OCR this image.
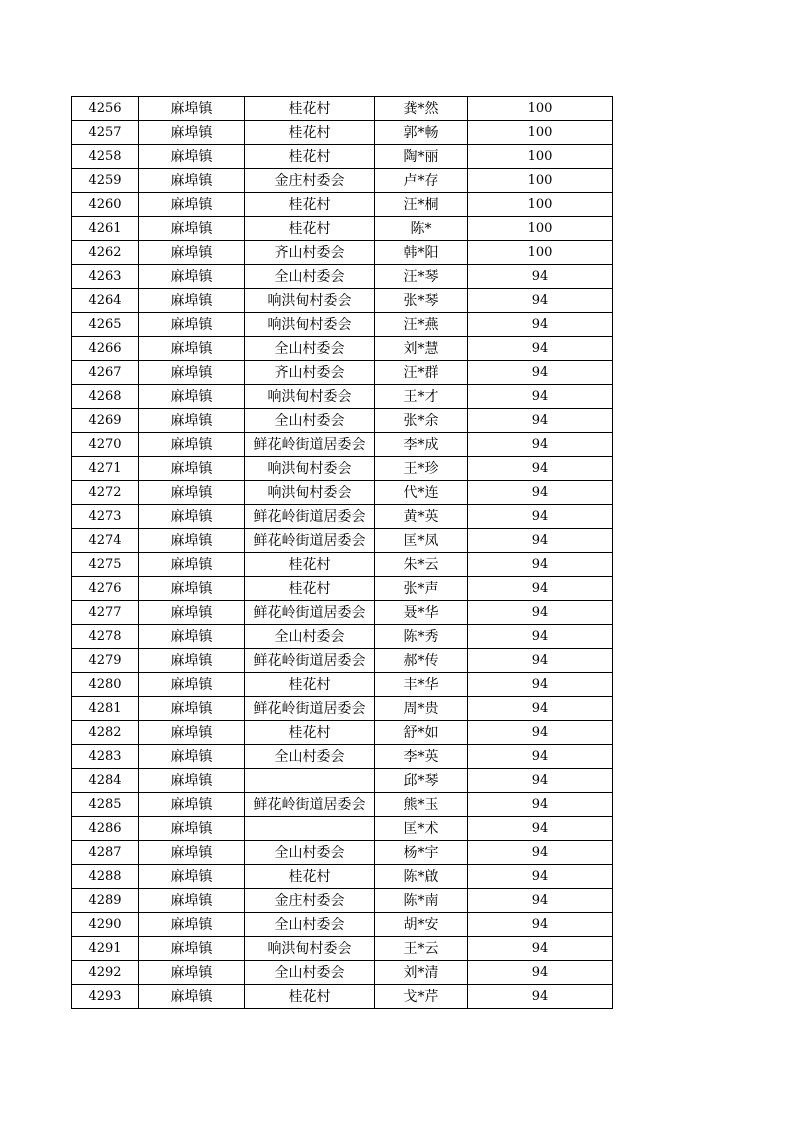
4256	麻埠镇	桂花村	龚*然	100
4257	麻埠镇	桂花村	郭*畅	100
4258	麻埠镇	桂花村	陶*丽	100
4259	麻埠镇	金庄村委会	卢*存	100
4260	麻埠镇	桂花村	汪*桐	100
4261	麻埠镇	桂花村	陈*	100
4262	麻埠镇	齐山村委会	韩*阳	100
4263	麻埠镇	全山村委会	汪*琴	94
4264	麻埠镇	响洪甸村委会	张*琴	94
4265	麻埠镇	响洪甸村委会	汪*燕	94
4266	麻埠镇	全山村委会	刘*慧	94
4267	麻埠镇	齐山村委会	汪*群	94
4268	麻埠镇	响洪甸村委会	王*才	94
4269	麻埠镇	全山村委会	张*余	94
4270	麻埠镇	鲜花岭街道居委会	李*成	94
4271	麻埠镇	响洪甸村委会	王*珍	94
4272	麻埠镇	响洪甸村委会	代*连	94
4273	麻埠镇	鲜花岭街道居委会	黄*英	94
4274	麻埠镇	鲜花岭街道居委会	匡*凤	94
4275	麻埠镇	桂花村	朱*云	94
4276	麻埠镇	桂花村	张*声	94
4277	麻埠镇	鲜花岭街道居委会	聂*华	94
4278	麻埠镇	全山村委会	陈*秀	94
4279	麻埠镇	鲜花岭街道居委会	郝*传	94
4280	麻埠镇	桂花村	丰*华	94
4281	麻埠镇	鲜花岭街道居委会	周*贵	94
4282	麻埠镇	桂花村	舒*如	94
4283	麻埠镇	全山村委会	李*英	94
4284	麻埠镇		邱*琴	94
4285	麻埠镇	鲜花岭街道居委会	熊*玉	94
4286	麻埠镇		匡*术	94
4287	麻埠镇	全山村委会	杨*宇	94
4288	麻埠镇	桂花村	陈*啟	94
4289	麻埠镇	金庄村委会	陈*南	94
4290	麻埠镇	全山村委会	胡*安	94
4291	麻埠镇	响洪甸村委会	王*云	94
4292	麻埠镇	全山村委会	刘*清	94
4293	麻埠镇	桂花村	戈*芹	94
